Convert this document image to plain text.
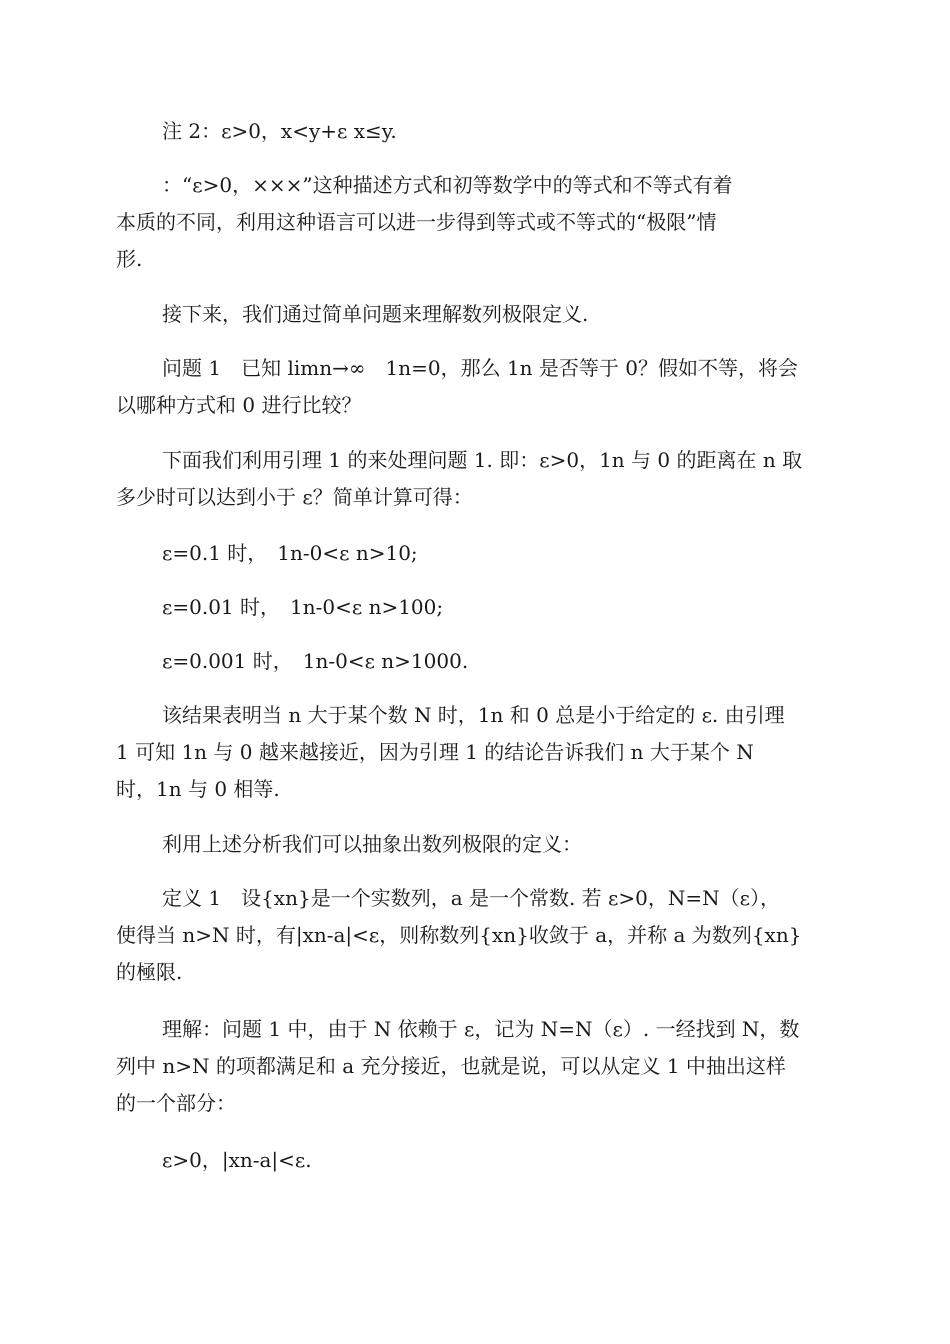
注 2：ε>0，x<y+ε x≤y.
：“ε>0，×××”这种描述方式和初等数学中的等式和不等式有着
本质的不同，利用这种语言可以进一步得到等式或不等式的“极限”情
形.
接下来，我们通过简单问题来理解数列极限定义.
问题 1　已知 limn→∞　1n=0，那么 1n 是否等于 0？假如不等，将会
以哪种方式和 0 进行比较？
下面我们利用引理 1 的来处理问题 1. 即：ε>0，1n 与 0 的距离在 n 取
多少时可以达到小于 ε？简单计算可得：
ε=0.1 时，　1n-0<ε n>10;
ε=0.01 时，　1n-0<ε n>100;
ε=0.001 时，　1n-0<ε n>1000.
该结果表明当 n 大于某个数 N 时，1n 和 0 总是小于给定的 ε. 由引理
1 可知 1n 与 0 越来越接近，因为引理 1 的结论告诉我们 n 大于某个 N
时，1n 与 0 相等.
利用上述分析我们可以抽象出数列极限的定义：
定义 1　设{xn}是一个实数列，a 是一个常数. 若 ε>0，N=N（ε），
使得当 n>N 时，有|xn-a|<ε，则称数列{xn}收敛于 a，并称 a 为数列{xn}
的極限.
理解：问题 1 中，由于 N 依赖于 ε，记为 N=N（ε）. 一经找到 N，数
列中 n>N 的项都满足和 a 充分接近，也就是说，可以从定义 1 中抽出这样
的一个部分：
ε>0，|xn-a|<ε.
